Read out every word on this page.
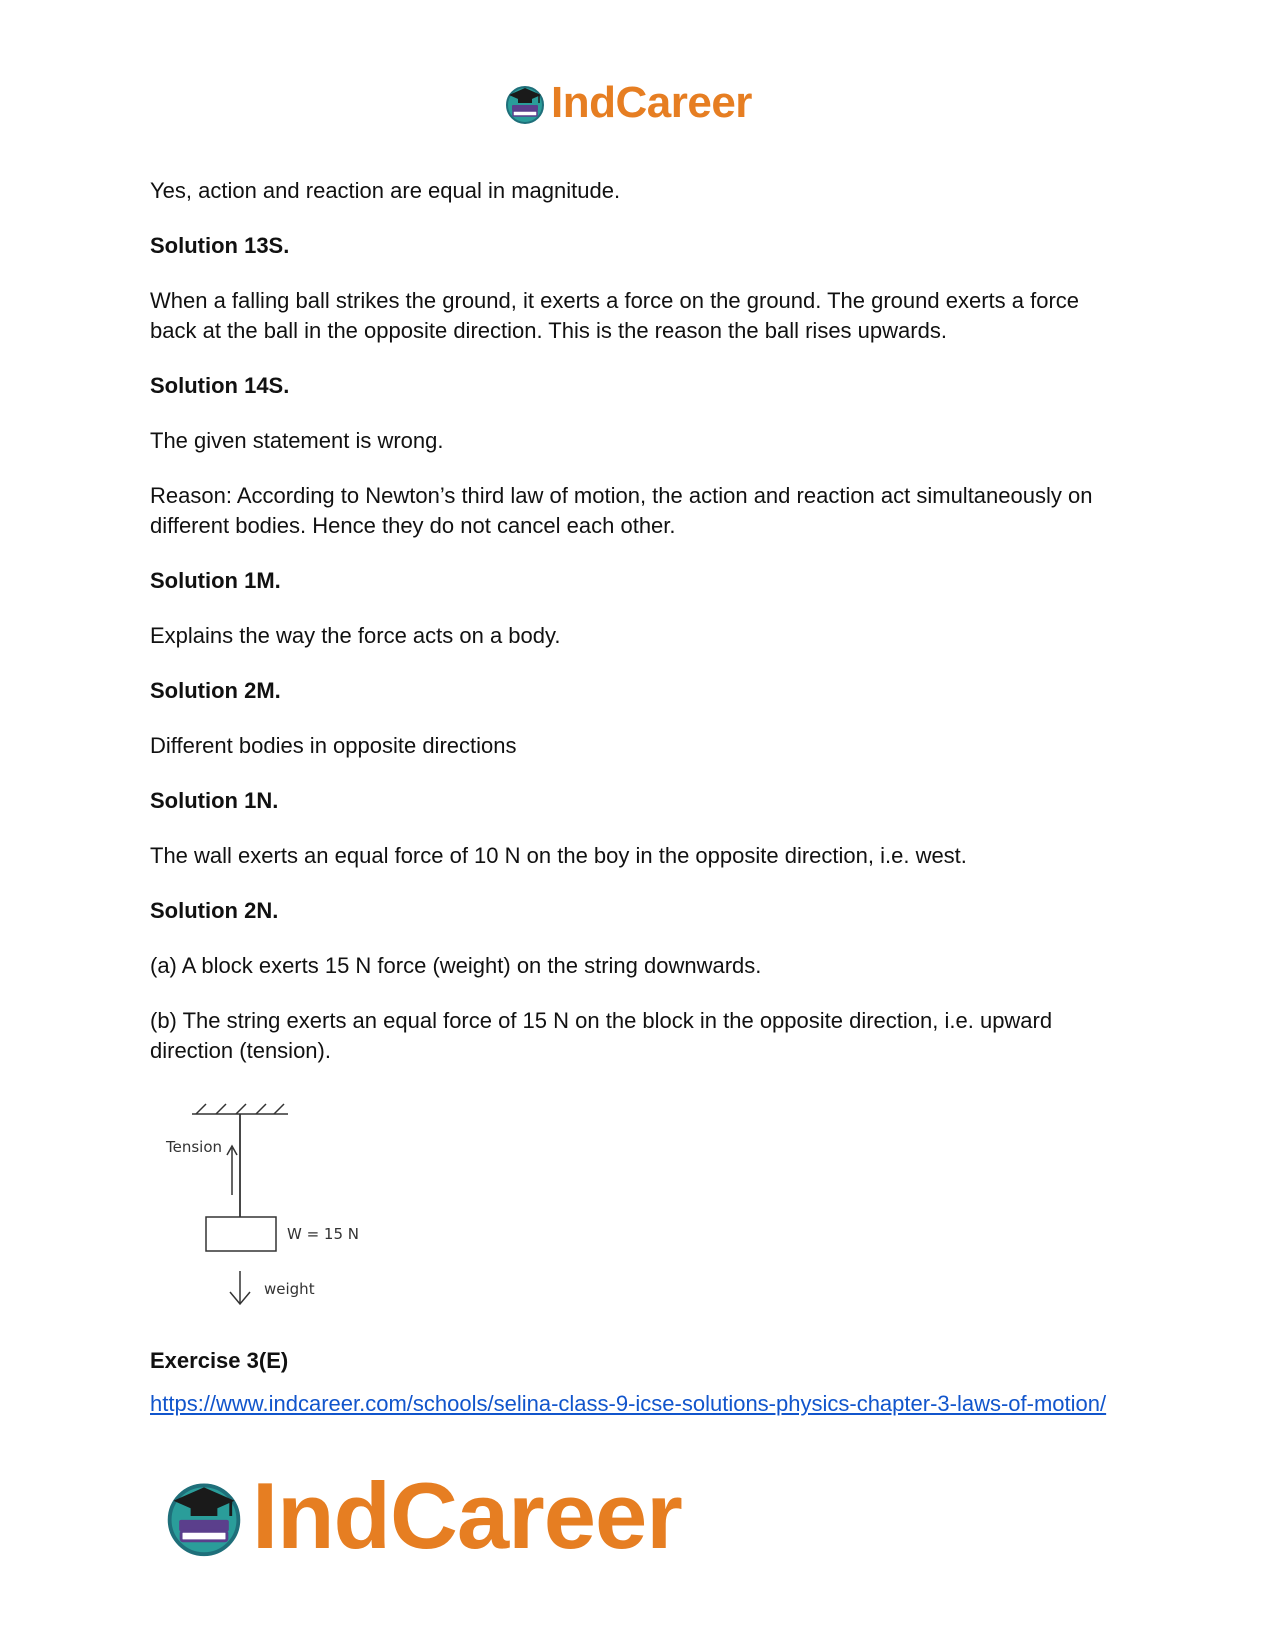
IndCareer

Yes, action and reaction are equal in magnitude.

Solution 13S.

When a falling ball strikes the ground, it exerts a force on the ground. The ground exerts a force back at the ball in the opposite direction. This is the reason the ball rises upwards.

Solution 14S.

The given statement is wrong.

Reason: According to Newton’s third law of motion, the action and reaction act simultaneously on different bodies. Hence they do not cancel each other.

Solution 1M.

Explains the way the force acts on a body.

Solution 2M.

Different bodies in opposite directions

Solution 1N.

The wall exerts an equal force of 10 N on the boy in the opposite direction, i.e. west.

Solution 2N.

(a) A block exerts 15 N force (weight) on the string downwards.

(b) The string exerts an equal force of 15 N on the block in the opposite direction, i.e. upward direction (tension).

Tension
W = 15 N
weight
Exercise 3(E)
https://www.indcareer.com/schools/selina-class-9-icse-solutions-physics-chapter-3-laws-of-motion/
IndCareer
